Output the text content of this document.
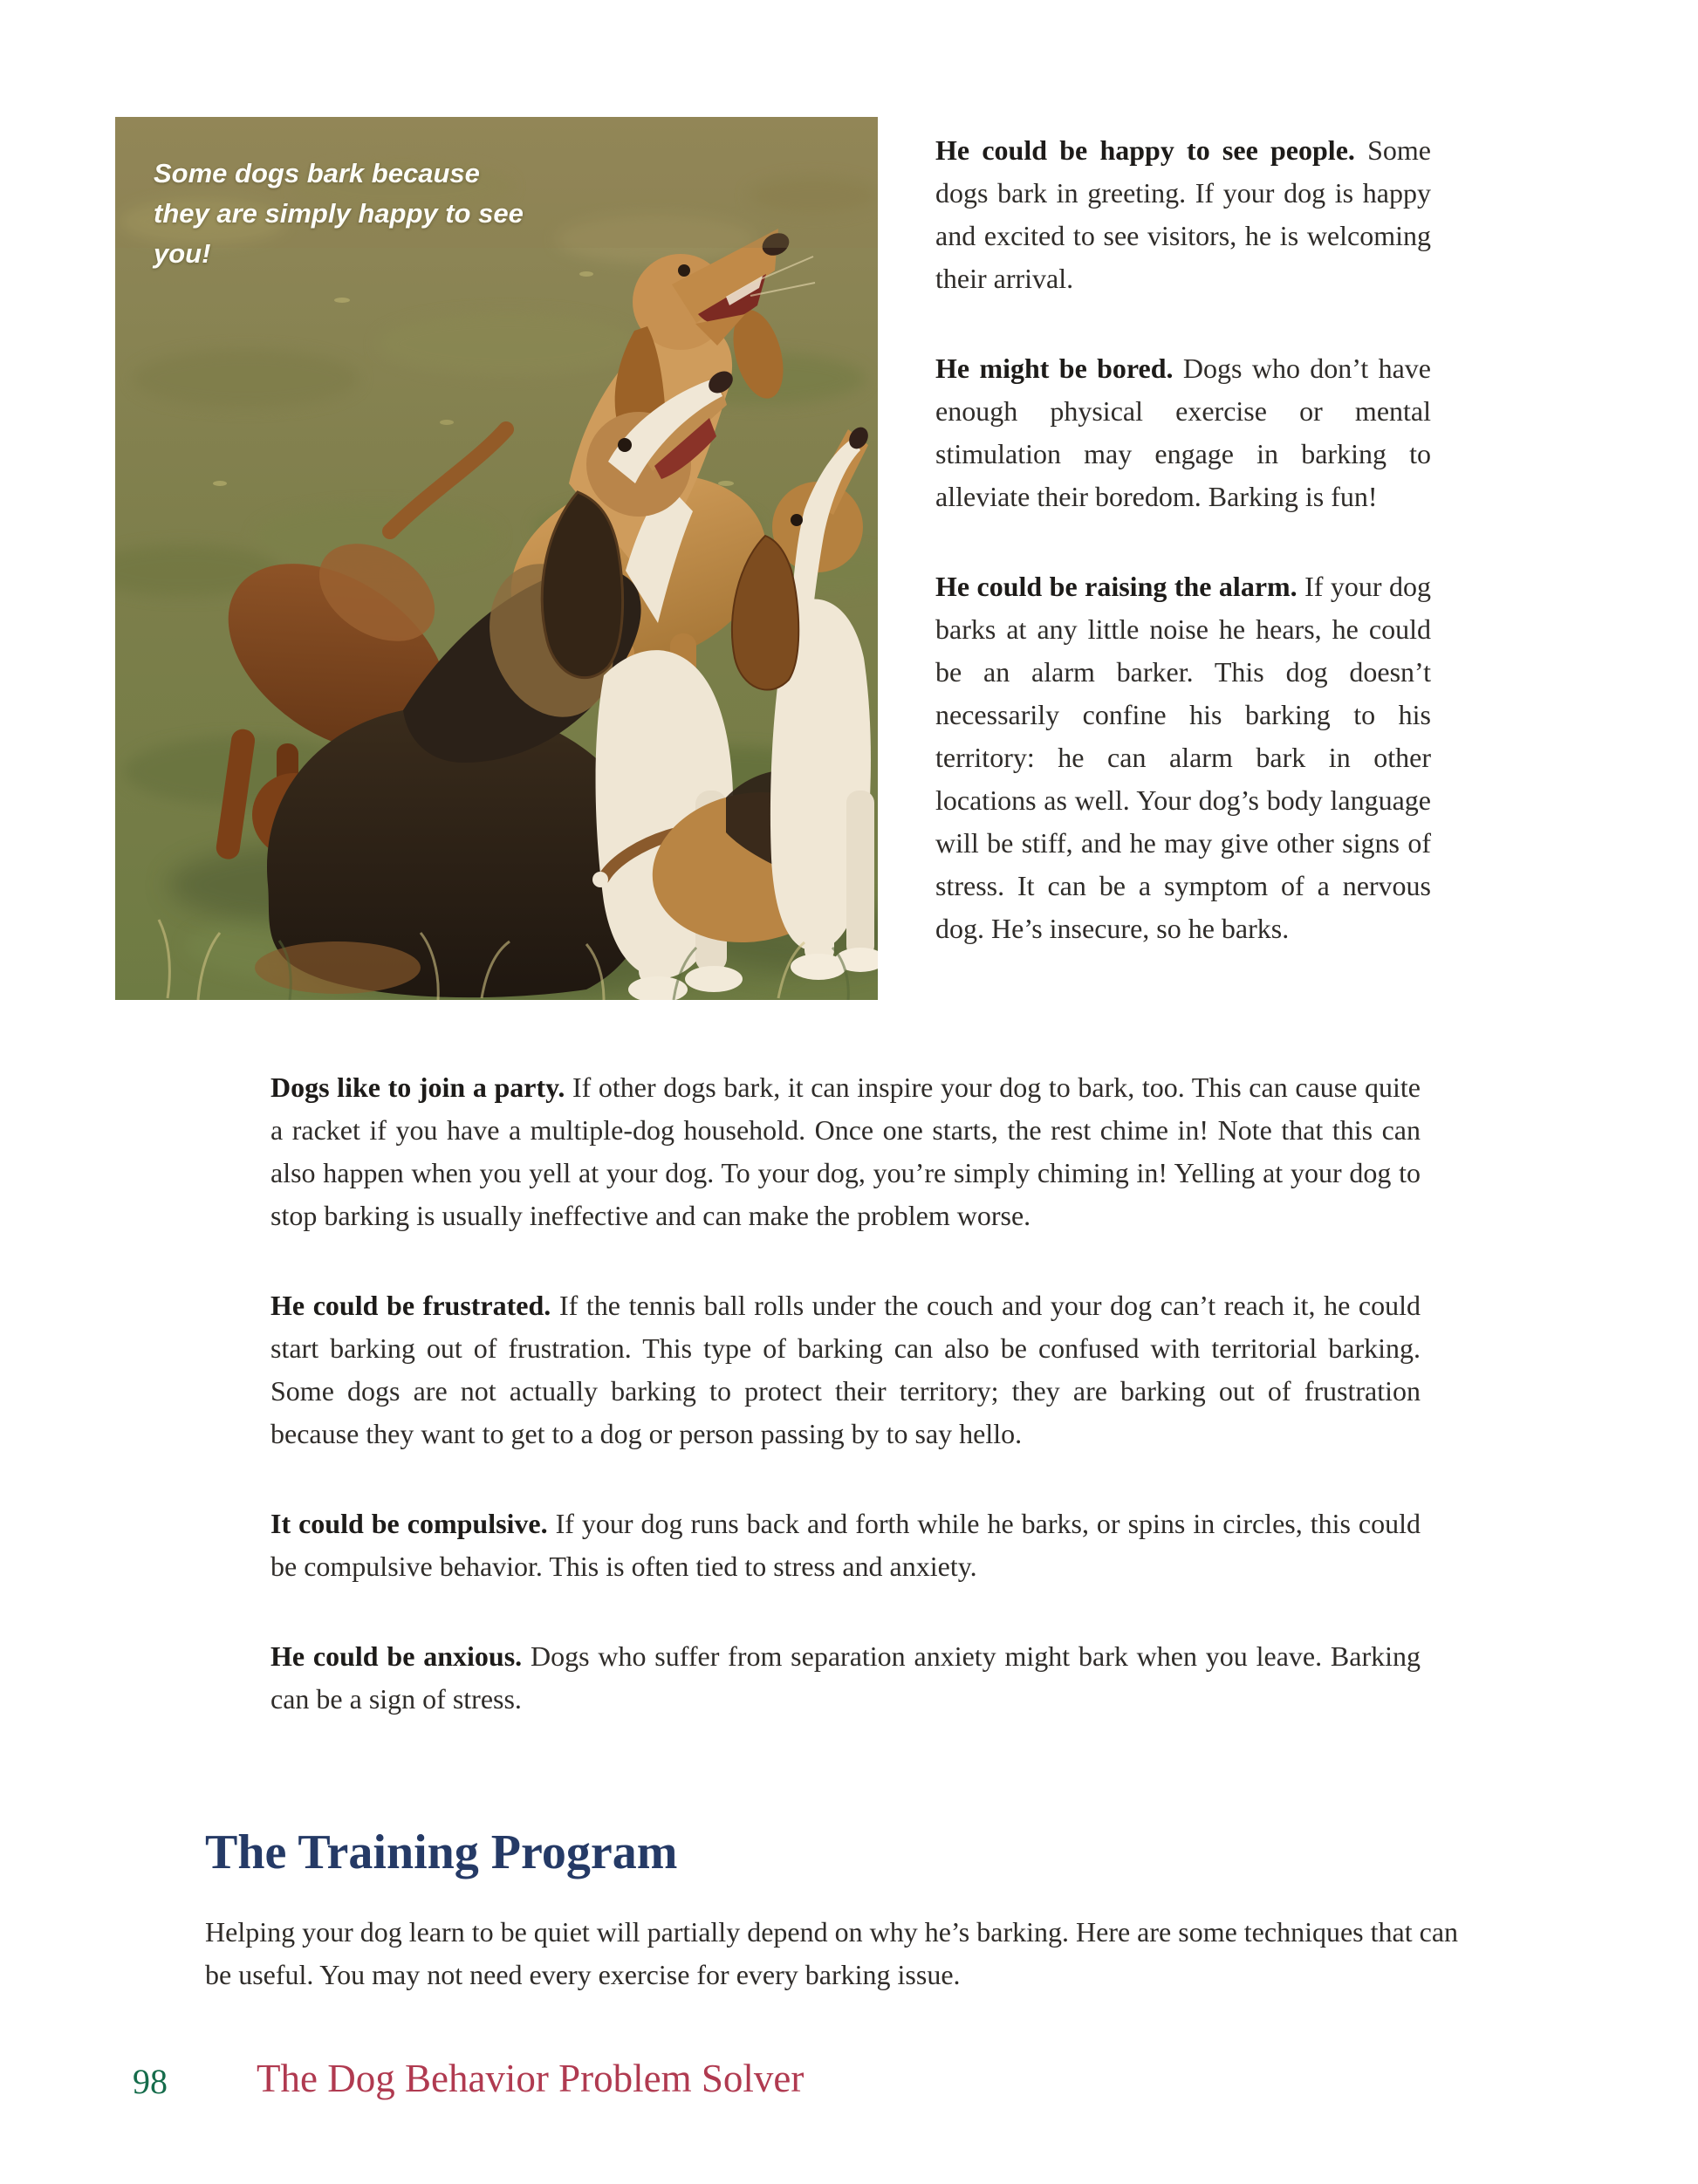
Some dogs bark because they are simply happy to see you!

He could be happy to see people. Some dogs bark in greeting. If your dog is happy and excited to see visitors, he is welcoming their arrival.

He might be bored. Dogs who don’t have enough physical exercise or mental stimulation may engage in barking to alleviate their boredom. Barking is fun!

He could be raising the alarm. If your dog barks at any little noise he hears, he could be an alarm barker. This dog doesn’t necessarily confine his barking to his territory: he can alarm bark in other locations as well. Your dog’s body language will be stiff, and he may give other signs of stress. It can be a symptom of a nervous dog. He’s insecure, so he barks.

Dogs like to join a party. If other dogs bark, it can inspire your dog to bark, too. This can cause quite a racket if you have a multiple-dog household. Once one starts, the rest chime in! Note that this can also happen when you yell at your dog. To your dog, you’re simply chiming in! Yelling at your dog to stop barking is usually ineffective and can make the problem worse.

He could be frustrated. If the tennis ball rolls under the couch and your dog can’t reach it, he could start barking out of frustration. This type of barking can also be confused with territorial barking. Some dogs are not actually barking to protect their territory; they are barking out of frustration because they want to get to a dog or person passing by to say hello.

It could be compulsive. If your dog runs back and forth while he barks, or spins in circles, this could be compulsive behavior. This is often tied to stress and anxiety.

He could be anxious. Dogs who suffer from separation anxiety might bark when you leave. Barking can be a sign of stress.

The Training Program

Helping your dog learn to be quiet will partially depend on why he’s barking. Here are some techniques that can be useful. You may not need every exercise for every barking issue.

98 The Dog Behavior Problem Solver
